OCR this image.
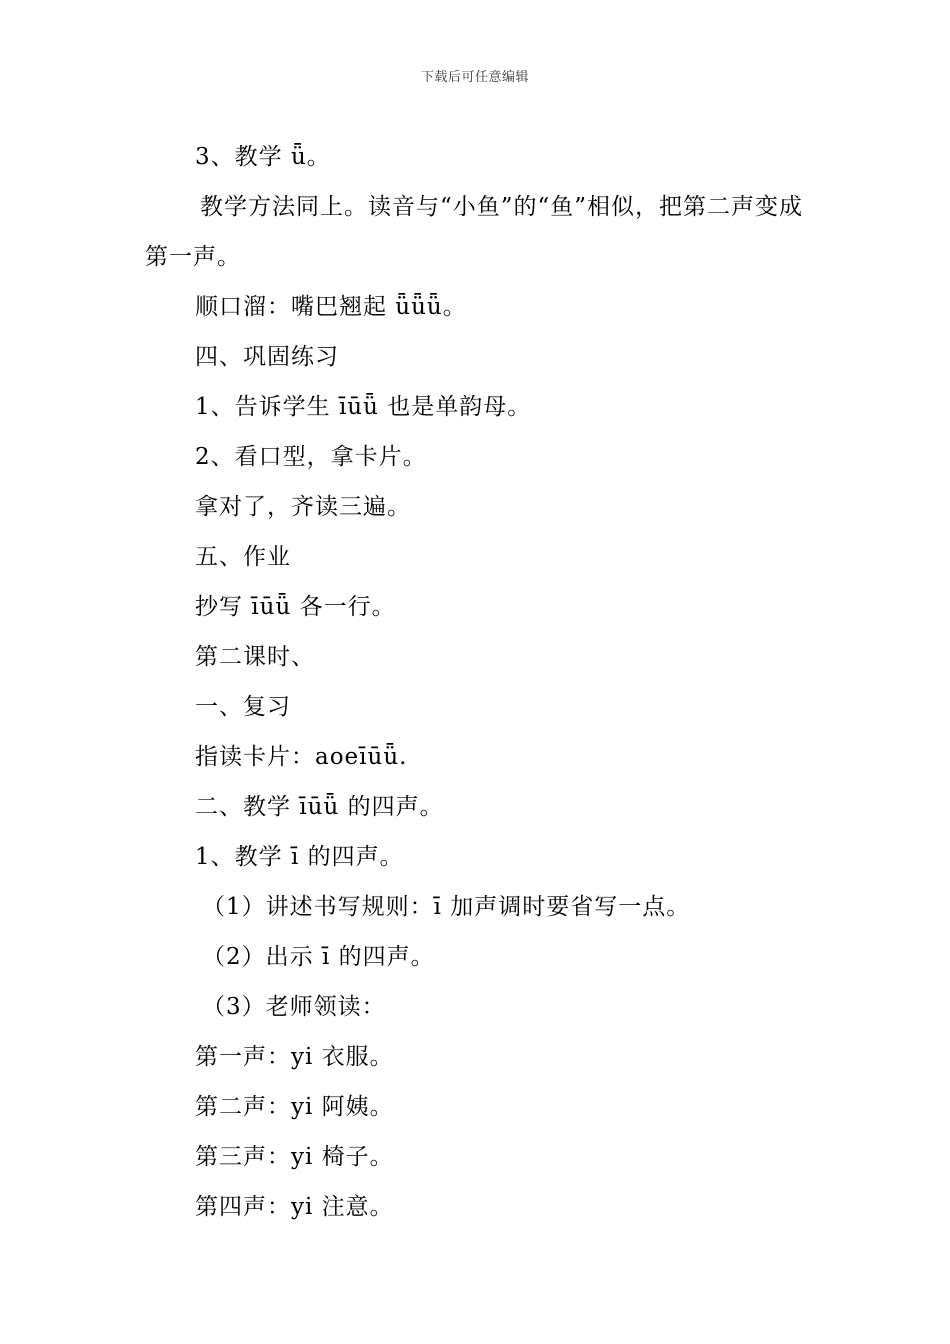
下载后可任意编辑
3、教学 ǖ。
教学方法同上。读音与“小鱼”的“鱼”相似，把第二声变成第一声。
顺口溜：嘴巴翘起 ǖǖǖ。
四、巩固练习
1、告诉学生 īūǖ 也是单韵母。
2、看口型，拿卡片。
拿对了，齐读三遍。
五、作业
抄写 īūǖ 各一行。
第二课时、
一、复习
指读卡片：aoeīūǖ.
二、教学 īūǖ 的四声。
1、教学 ī 的四声。
（1）讲述书写规则：ī 加声调时要省写一点。
（2）出示 ī 的四声。
（3）老师领读：
第一声：yi 衣服。
第二声：yi 阿姨。
第三声：yi 椅子。
第四声：yi 注意。
